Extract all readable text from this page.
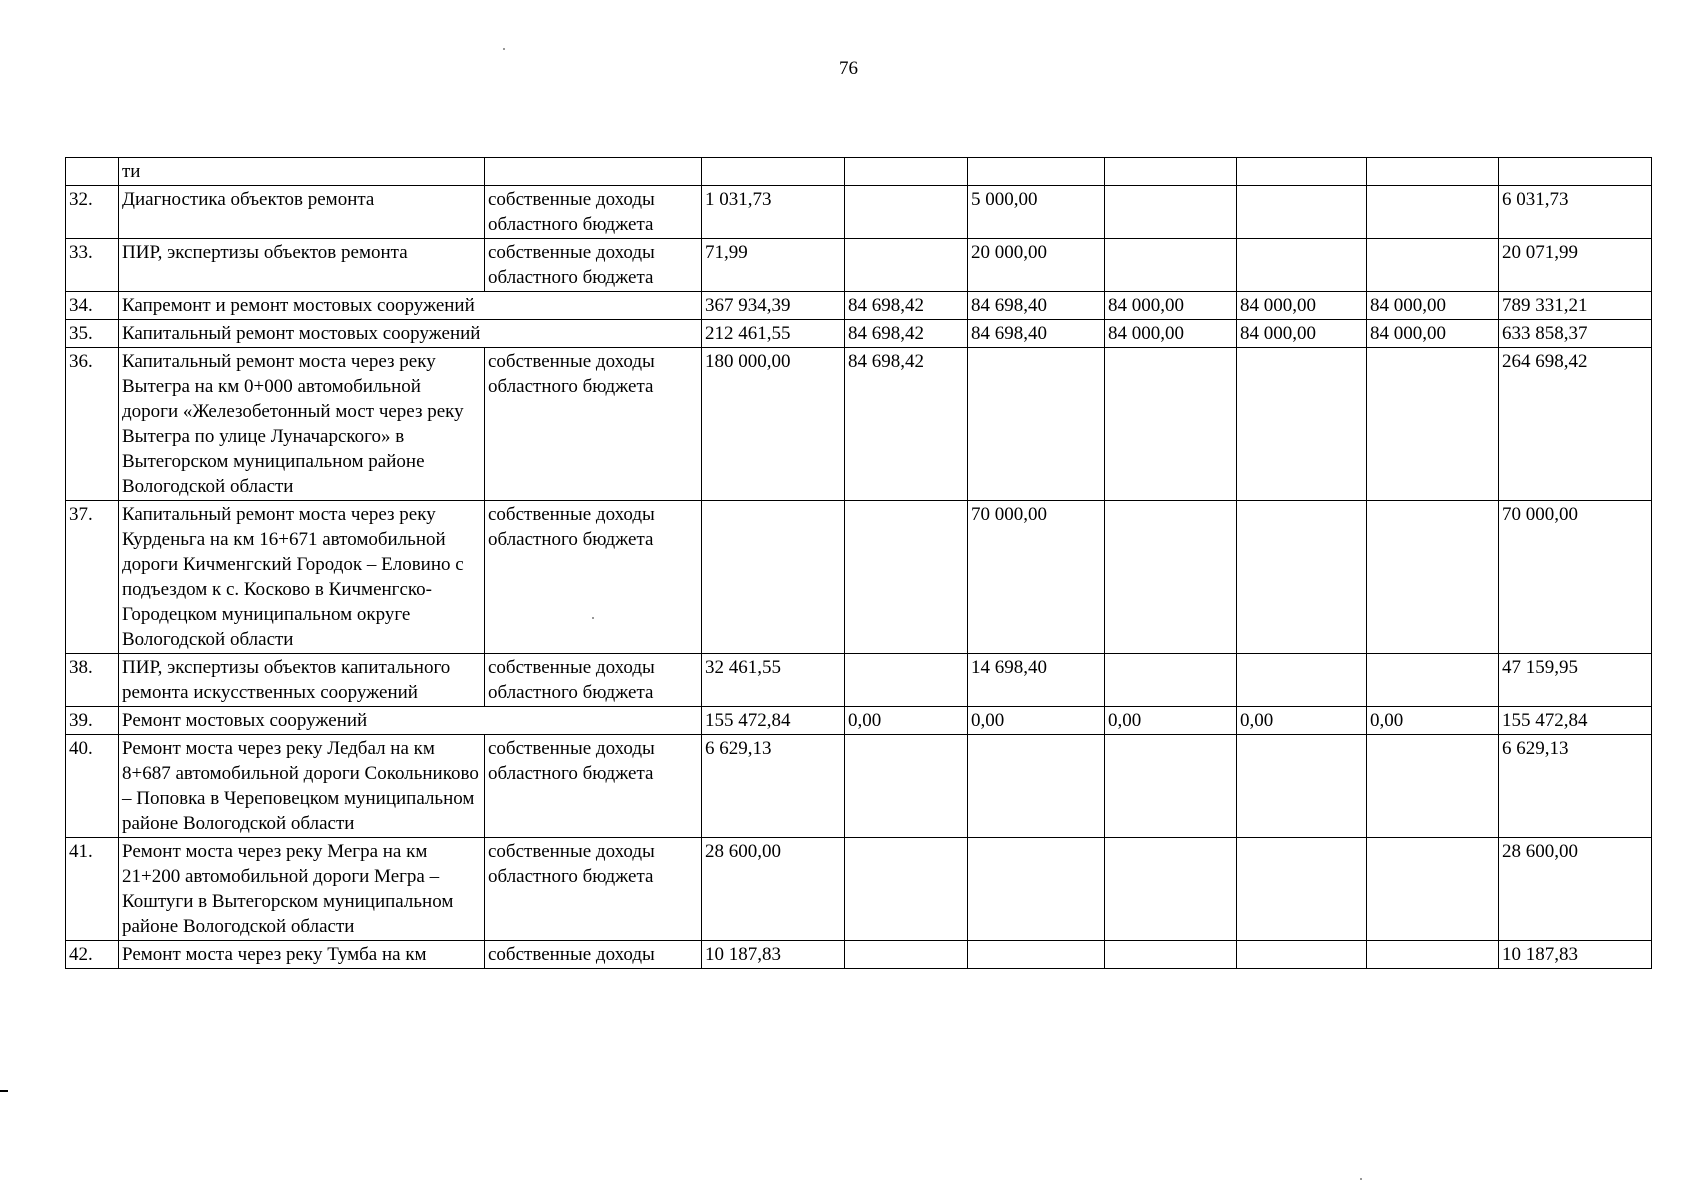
76
	ти								
32.	Диагностика объектов ремонта	собственные доходы областного бюджета	1 031,73		5 000,00				6 031,73
33.	ПИР, экспертизы объектов ремонта	собственные доходы областного бюджета	71,99		20 000,00				20 071,99
34.	Капремонт и ремонт мостовых сооружений		367 934,39	84 698,42	84 698,40	84 000,00	84 000,00	84 000,00	789 331,21
35.	Капитальный ремонт мостовых сооружений		212 461,55	84 698,42	84 698,40	84 000,00	84 000,00	84 000,00	633 858,37
36.	Капитальный ремонт моста через реку Вытегра на км 0+000 автомобильной дороги «Железобетонный мост через реку Вытегра по улице Луначарского» в Вытегорском муниципальном районе Вологодской области	собственные доходы областного бюджета	180 000,00	84 698,42					264 698,42
37.	Капитальный ремонт моста через реку Курденьга на км 16+671 автомобильной дороги Кичменгский Городок – Еловино с подъездом к с. Косково в Кичменгско-Городецком муниципальном округе Вологодской области	собственные доходы областного бюджета			70 000,00				70 000,00
38.	ПИР, экспертизы объектов капитального ремонта искусственных сооружений	собственные доходы областного бюджета	32 461,55		14 698,40				47 159,95
39.	Ремонт мостовых сооружений		155 472,84	0,00	0,00	0,00	0,00	0,00	155 472,84
40.	Ремонт моста через реку Ледбал на км 8+687 автомобильной дороги Сокольниково – Поповка в Череповецком муниципальном районе Вологодской области	собственные доходы областного бюджета	6 629,13						6 629,13
41.	Ремонт моста через реку Мегра на км 21+200 автомобильной дороги Мегра – Коштуги в Вытегорском муниципальном районе Вологодской области	собственные доходы областного бюджета	28 600,00						28 600,00
42.	Ремонт моста через реку Тумба на км	собственные доходы	10 187,83						10 187,83
